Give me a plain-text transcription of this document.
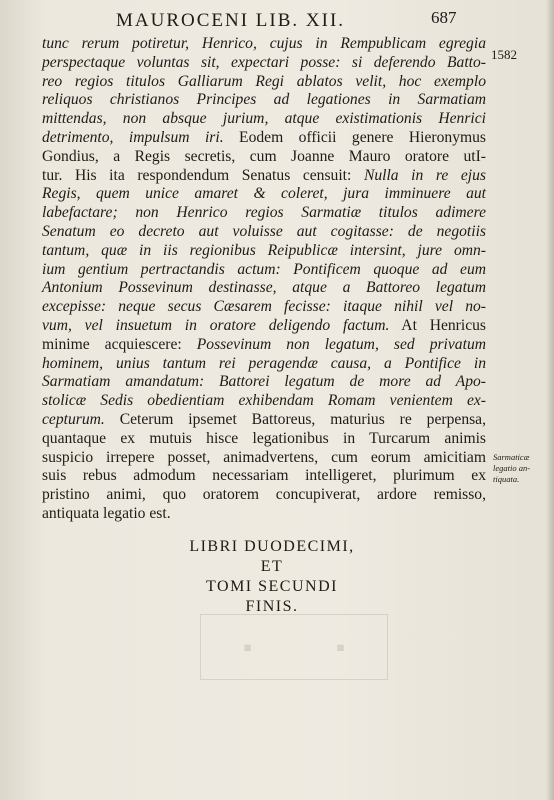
MAUROCENI LIB. XII.	687
1582
tunc rerum potiretur, Henrico, cujus in Rempublicam egregia
perspectaque voluntas sit, expectari posse: si deferendo Batto-
reo regios titulos Galliarum Regi ablatos velit, hoc exemplo
reliquos christianos Principes ad legationes in Sarmatiam
mittendas, non absque jurium, atque existimationis Henrici
detrimento, impulsum iri. Eodem officii genere Hieronymus
Gondius, a Regis secretis, cum Joanne Mauro oratore utI-
tur. His ita respondendum Senatus censuit: Nulla in re ejus
Regis, quem unice amaret & coleret, jura imminuere aut
labefactare; non Henrico regios Sarmatiæ titulos adimere
Senatum eo decreto aut voluisse aut cogitasse: de negotiis
tantum, quæ in iis regionibus Reipublicæ intersint, jure omn-
ium gentium pertractandis actum: Pontificem quoque ad eum
Antonium Possevinum destinasse, atque a Battoreo legatum
excepisse: neque secus Cæsarem fecisse: itaque nihil vel no-
vum, vel insuetum in oratore deligendo factum. At Henricus
minime acquiescere: Possevinum non legatum, sed privatum
hominem, unius tantum rei peragendæ causa, a Pontifice in
Sarmatiam amandatum: Battorei legatum de more ad Apo-
stolicæ Sedis obedientiam exhibendam Romam venientem ex-
cepturum. Ceterum ipsemet Battoreus, maturius re perpensa,
quantaque ex mutuis hisce legationibus in Turcarum animis
suspicio irrepere posset, animadvertens, cum eorum amicitiam
suis rebus admodum necessariam intelligeret, plurimum ex
pristino animi, quo oratorem concupiverat, ardore remisso,
antiquata legatio est.
Sarmaticæ
legatio an-
tiquata.
LIBRI DUODECIMI,
ET
TOMI SECUNDI
FINIS.
▩	▩
